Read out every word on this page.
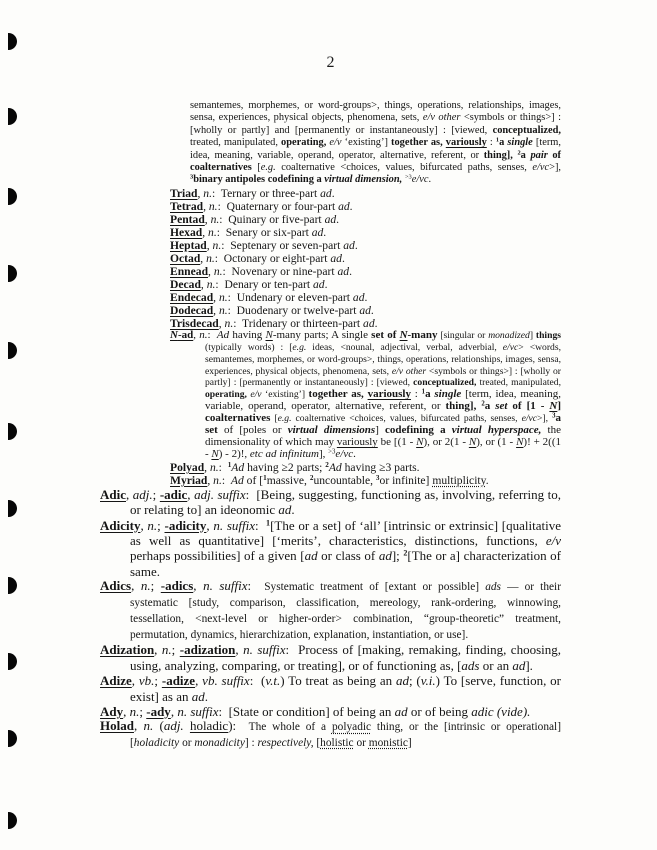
2

semantemes, morphemes, or word-groups>, things, operations, relationships, images, sensa, experiences, physical objects, phenomena, sets, e/v other <symbols or things>] : [wholly or partly] and [permanently or instantaneously] : [viewed, conceptualized, treated, manipulated, operating, e/v ‘existing’] together as, variously : $^1$a single [term, idea, meaning, variable, operand, operator, alternative, referent, or thing], $^2$a pair of coalternatives [e.g. coalternative <choices, values, bifurcated paths, senses, e/vc>], $^3$binary antipoles codefining a virtual dimension, $^{>3}$e/vc.

Triad, n.:  Ternary or three-part ad.

Tetrad, n.:  Quaternary or four-part ad.

Pentad, n.:  Quinary or five-part ad.

Hexad, n.:  Senary or six-part ad.

Heptad, n.:  Septenary or seven-part ad.

Octad, n.:  Octonary or eight-part ad.

Ennead, n.:  Novenary or nine-part ad.

Decad, n.:  Denary or ten-part ad.

Endecad, n.:  Undenary or eleven-part ad.

Dodecad, n.:  Duodenary or twelve-part ad.

Trisdecad, n.:  Tridenary or thirteen-part ad.

N-ad, n.:  Ad having N-many parts; A single set of N-many [singular or monadized] things (typically words) : [e.g. ideas, <nounal, adjectival, verbal, adverbial, e/vc> <words, semantemes, morphemes, or word-groups>, things, operations, relationships, images, sensa, experiences, physical objects, phenomena, sets, e/v other <symbols or things>] : [wholly or partly] : [permanently or instantaneously] : [viewed, conceptualized, treated, manipulated, operating, e/v ‘existing’] together as, variously : $^1$a single [term, idea, meaning, variable, operand, operator, alternative, referent, or thing], $^2$a set of [1 - N] coalternatives [e.g. coalternative <choices, values, bifurcated paths, senses, e/vc>], $^3$a set of [poles or virtual dimensions] codefining a virtual hyperspace, the dimensionality of which may variously be [(1 - N), or 2(1 - N), or (1 - N)! + 2((1 - N) - 2)!, etc ad infinitum], $^{>3}$e/vc.

Polyad, n.:  $^1$Ad having ≥2 parts; $^2$Ad having ≥3 parts.

Myriad, n.:  Ad of [$^1$massive, $^2$uncountable, $^3$or infinite] multiplicity.

Adic, adj.; -adic, adj. suffix:  [Being, suggesting, functioning as, involving, referring to, or relating to] an ideonomic ad.

Adicity, n.; -adicity, n. suffix:  $^1$[The or a set] of ‘all’ [intrinsic or extrinsic] [qualitative as well as quantitative] [‘merits’, characteristics, distinctions, functions, e/v perhaps possibilities] of a given [ad or class of ad]; $^2$[The or a] characterization of same.

Adics, n.; -adics, n. suffix:  Systematic treatment of [extant or possible] ads — or their systematic [study, comparison, classification, mereology, rank-ordering, winnowing, tessellation, <next-level or higher-order> combination, “group-theoretic” treatment, permutation, dynamics, hierarchization, explanation, instantiation, or use].

Adization, n.; -adization, n. suffix:  Process of [making, remaking, finding, choosing, using, analyzing, comparing, or treating], or of functioning as, [ads or an ad].

Adize, vb.; -adize, vb. suffix:  (v.t.) To treat as being an ad; (v.i.) To [serve, function, or exist] as an ad.

Ady, n.; -ady, n. suffix:  [State or condition] of being an ad or of being adic (vide).

Holad, n. (adj. holadic):  The whole of a polyadic thing, or the [intrinsic or operational] [holadicity or monadicity] : respectively, [holistic or monistic]
